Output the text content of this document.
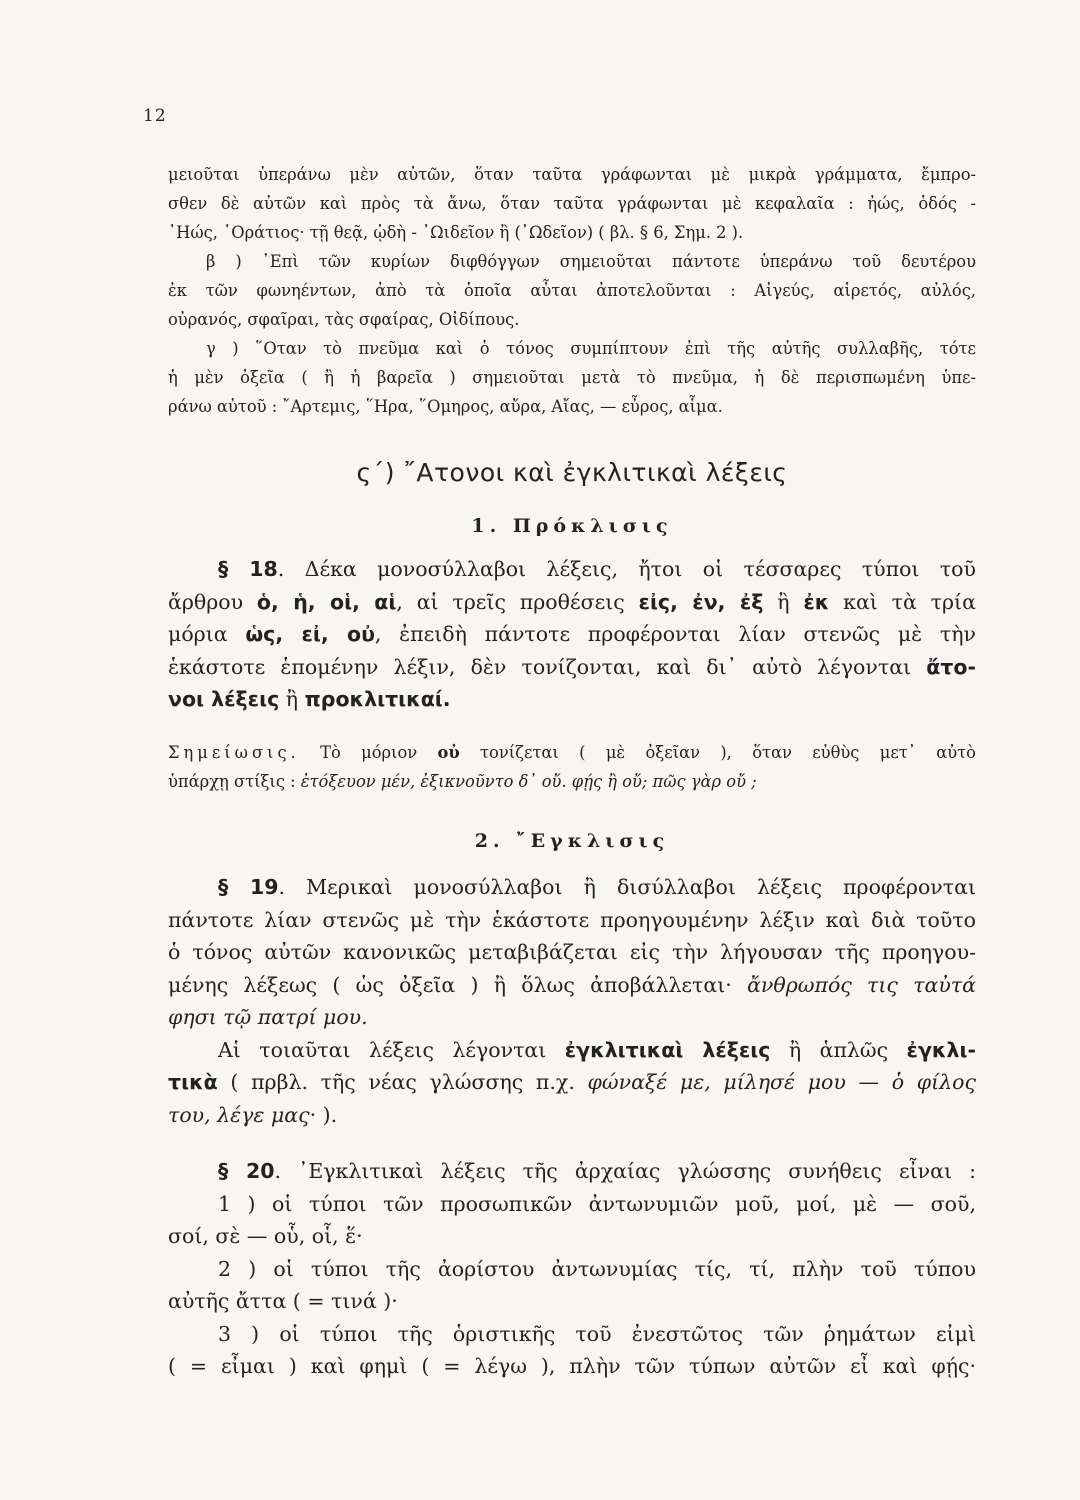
12
μειοῦται ὑπεράνω μὲν αὐτῶν, ὅταν ταῦτα γράφωνται μὲ μικρὰ γράμματα, ἔμπρο-
σθεν δὲ αὐτῶν καὶ πρὸς τὰ ἄνω, ὅταν ταῦτα γράφωνται μὲ κεφαλαῖα : ἠώς, ὁδός -
᾿Ηώς, ῾Οράτιος· τῇ θεᾷ, ᾠδὴ - ᾿Ωιδεῖον ἢ (᾿Ωδεῖον) ( βλ. § 6, Σημ. 2 ).
β ) ᾿Επὶ τῶν κυρίων διφθόγγων σημειοῦται πάντοτε ὑπεράνω τοῦ δευτέρου
ἐκ τῶν φωνηέντων, ἀπὸ τὰ ὁποῖα αὗται ἀποτελοῦνται : Αἰγεύς, αἱρετός, αὐλός,
οὐρανός, σφαῖραι, τὰς σφαίρας, Οἰδίπους.
γ ) ῞Οταν τὸ πνεῦμα καὶ ὁ τόνος συμπίπτουν ἐπὶ τῆς αὐτῆς συλλαβῆς, τότε
ἡ μὲν ὀξεῖα ( ἢ ἡ βαρεῖα ) σημειοῦται μετὰ τὸ πνεῦμα, ἡ δὲ περισπωμένη ὑπε-
ράνω αὐτοῦ : ῎Αρτεμις, ῞Ηρα, ῞Ομηρος, αὔρα, Αἴας, — εὖρος, αἷμα.
ς΄) ῎Ατονοι καὶ ἐγκλιτικαὶ λέξεις
1. Πρόκλισις
§ 18. Δέκα μονοσύλλαβοι λέξεις, ἤτοι οἱ τέσσαρες τύποι τοῦ
ἄρθρου ὁ, ἡ, οἱ, αἱ, αἱ τρεῖς προθέσεις εἰς, ἐν, ἐξ ἢ ἐκ καὶ τὰ τρία
μόρια ὡς, εἰ, οὐ, ἐπειδὴ πάντοτε προφέρονται λίαν στενῶς μὲ τὴν
ἑκάστοτε ἑπομένην λέξιν, δὲν τονίζονται, καὶ δι᾿ αὐτὸ λέγονται ἄτο-
νοι λέξεις ἢ προκλιτικαί.
Σημείωσις. Τὸ μόριον οὐ τονίζεται ( μὲ ὀξεῖαν ), ὅταν εὐθὺς μετ᾿ αὐτὸ
ὑπάρχῃ στίξις : ἐτόξευον μέν, ἐξικνοῦντο δ᾿ οὔ. φῄς ἢ οὔ; πῶς γὰρ οὔ ;
2. ῎Εγκλισις
§ 19. Μερικαὶ μονοσύλλαβοι ἢ δισύλλαβοι λέξεις προφέρονται
πάντοτε λίαν στενῶς μὲ τὴν ἑκάστοτε προηγουμένην λέξιν καὶ διὰ τοῦτο
ὁ τόνος αὐτῶν κανονικῶς μεταβιβάζεται εἰς τὴν λήγουσαν τῆς προηγου-
μένης λέξεως ( ὡς ὀξεῖα ) ἢ ὅλως ἀποβάλλεται· ἄνθρωπός τις ταὐτά
φησι τῷ πατρί μου.
Αἱ τοιαῦται λέξεις λέγονται ἐγκλιτικαὶ λέξεις ἢ ἁπλῶς ἐγκλι-
τικὰ ( πρβλ. τῆς νέας γλώσσης π.χ. φώναξέ με, μίλησέ μου — ὁ φίλος
του, λέγε μας· ).
§ 20. ᾿Εγκλιτικαὶ λέξεις τῆς ἀρχαίας γλώσσης συνήθεις εἶναι :
1 ) οἱ τύποι τῶν προσωπικῶν ἀντωνυμιῶν μοῦ, μοί, μὲ — σοῦ,
σοί, σὲ — οὗ, οἷ, ἕ·
2 ) οἱ τύποι τῆς ἀορίστου ἀντωνυμίας τίς, τί, πλὴν τοῦ τύπου
αὐτῆς ἄττα ( = τινά )·
3 ) οἱ τύποι τῆς ὁριστικῆς τοῦ ἐνεστῶτος τῶν ῥημάτων εἰμὶ
( = εἶμαι ) καὶ φημὶ ( = λέγω ), πλὴν τῶν τύπων αὐτῶν εἶ καὶ φῄς·
